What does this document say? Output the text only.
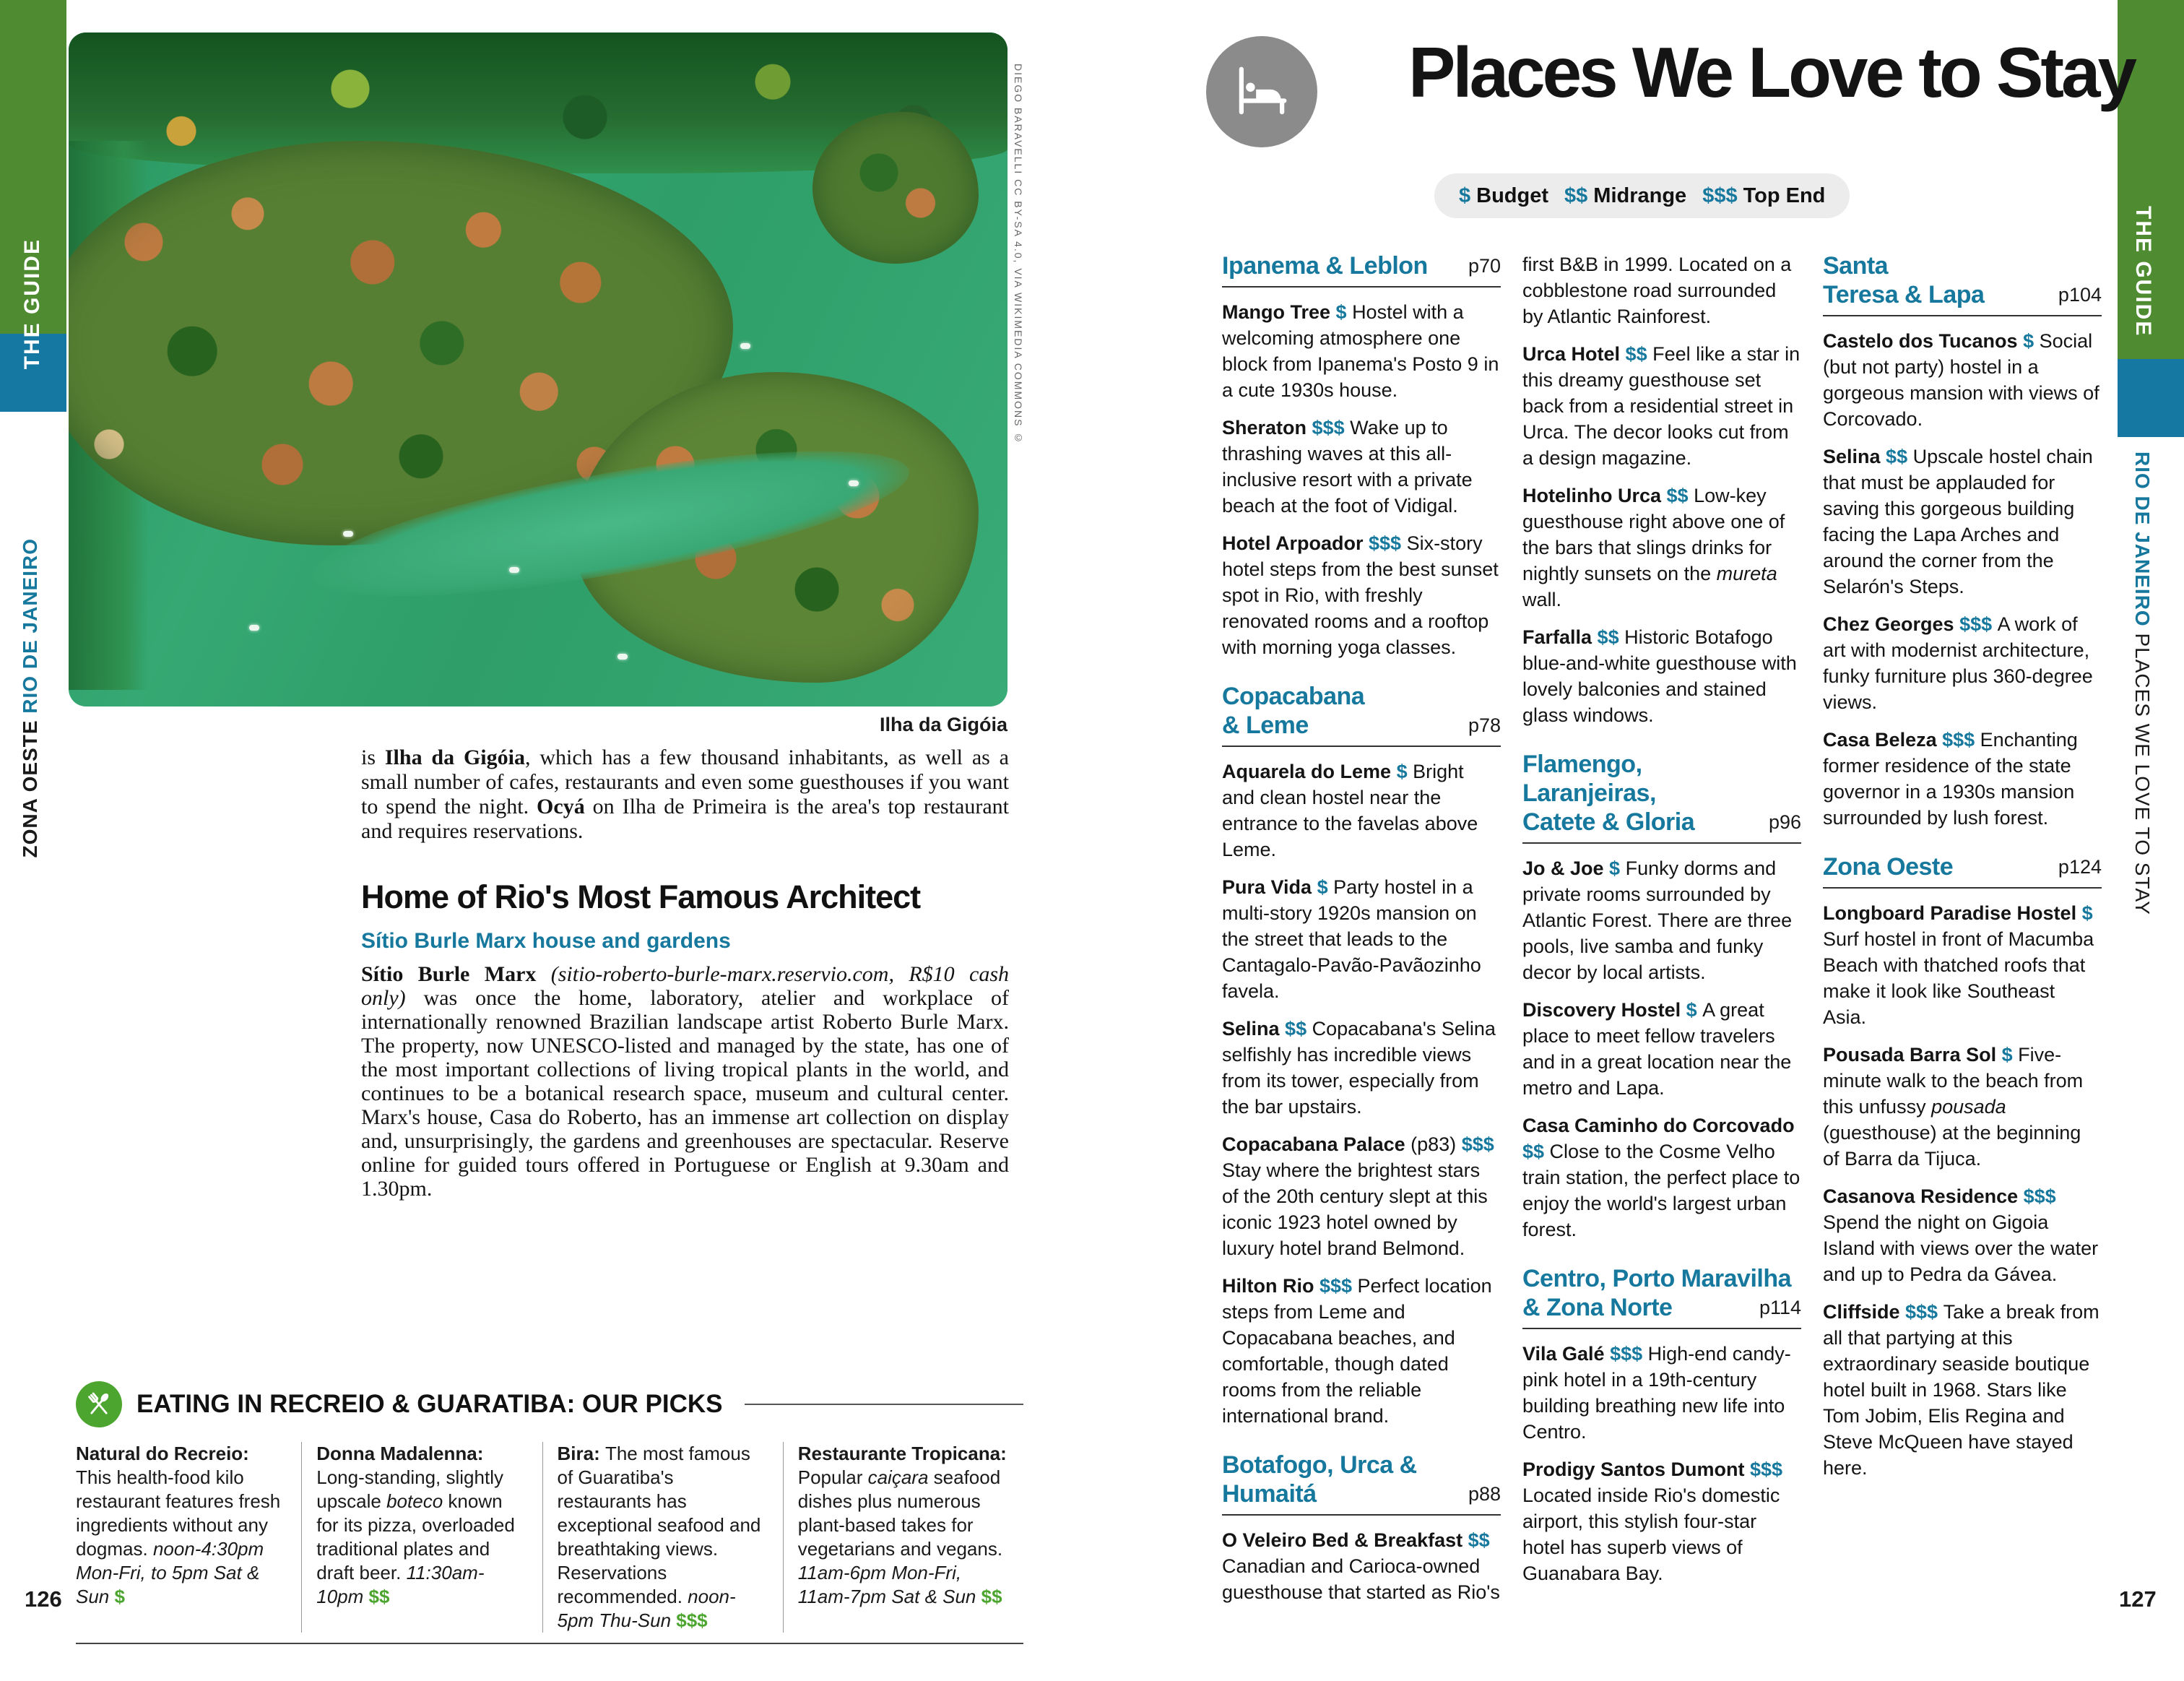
THE GUIDE
ZONA OESTE RIO DE JANEIRO
THE GUIDE
RIO DE JANEIRO PLACES WE LOVE TO STAY
DIEGO BARAVELLI CC BY-SA 4.0, VIA WIKIMEDIA COMMONS ©
Ilha da Gigóia

is Ilha da Gigóia, which has a few thousand inhabitants, as well as a small number of cafes, restaurants and even some guesthouses if you want to spend the night. Ocyá on Ilha de Primeira is the area's top restaurant and requires reservations.

Home of Rio's Most Famous Architect
Sítio Burle Marx house and gardens

Sítio Burle Marx (sitio-roberto-burle-marx.reservio.com, R$10 cash only) was once the home, laboratory, atelier and workplace of internationally renowned Brazilian landscape artist Roberto Burle Marx. The property, now UNESCO-listed and managed by the state, has one of the most important collections of living tropical plants in the world, and continues to be a botanical research space, museum and cultural center. Marx's house, Casa do Roberto, has an immense art collection on display and, unsurprisingly, the gardens and greenhouses are spectacular. Reserve online for guided tours offered in Portuguese or English at 9.30am and 1.30pm.

EATING IN RECREIO & GUARATIBA: OUR PICKS
Natural do Recreio: This health-food kilo restaurant features fresh ingredients without any dogmas. noon-4:30pm Mon-Fri, to 5pm Sat & Sun $
Donna Madalenna: Long-standing, slightly upscale boteco known for its pizza, overloaded traditional plates and draft beer. 11:30am-10pm $$
Bira: The most famous of Guaratiba's restaurants has exceptional seafood and breathtaking views. Reservations recommended. noon-5pm Thu-Sun $$$
Restaurante Tropicana: Popular caiçara seafood dishes plus numerous plant-based takes for vegetarians and vegans. 11am-6pm Mon-Fri, 11am-7pm Sat & Sun $$
126	127
Places We Love to Stay
$ Budget $$ Midrange $$$ Top End
Ipanema & Leblon	p70

Mango Tree $ Hostel with a welcoming atmosphere one block from Ipanema's Posto 9 in a cute 1930s house.

Sheraton $$$ Wake up to thrashing waves at this all-inclusive resort with a private beach at the foot of Vidigal.

Hotel Arpoador $$$ Six-story hotel steps from the best sunset spot in Rio, with freshly renovated rooms and a rooftop with morning yoga classes.

Copacabana
& Leme	p78

Aquarela do Leme $ Bright and clean hostel near the entrance to the favelas above Leme.

Pura Vida $ Party hostel in a multi-story 1920s mansion on the street that leads to the Cantagalo-Pavão-Pavãozinho favela.

Selina $$ Copacabana's Selina selfishly has incredible views from its tower, especially from the bar upstairs.

Copacabana Palace (p83) $$$ Stay where the brightest stars of the 20th century slept at this iconic 1923 hotel owned by luxury hotel brand Belmond.

Hilton Rio $$$ Perfect location steps from Leme and Copacabana beaches, and comfortable, though dated rooms from the reliable international brand.

Botafogo, Urca &
Humaitá	p88

O Veleiro Bed & Breakfast $$ Canadian and Carioca-owned guesthouse that started as Rio's

first B&B in 1999. Located on a cobblestone road surrounded by Atlantic Rainforest.

Urca Hotel $$ Feel like a star in this dreamy guesthouse set back from a residential street in Urca. The decor looks cut from a design magazine.

Hotelinho Urca $$ Low-key guesthouse right above one of the bars that slings drinks for nightly sunsets on the mureta wall.

Farfalla $$ Historic Botafogo blue-and-white guesthouse with lovely balconies and stained glass windows.

Flamengo,
Laranjeiras,
Catete & Gloria	p96

Jo & Joe $ Funky dorms and private rooms surrounded by Atlantic Forest. There are three pools, live samba and funky decor by local artists.

Discovery Hostel $ A great place to meet fellow travelers and in a great location near the metro and Lapa.

Casa Caminho do Corcovado $$ Close to the Cosme Velho train station, the perfect place to enjoy the world's largest urban forest.

Centro, Porto Maravilha
& Zona Norte	p114

Vila Galé $$$ High-end candy-pink hotel in a 19th-century building breathing new life into Centro.

Prodigy Santos Dumont $$$ Located inside Rio's domestic airport, this stylish four-star hotel has superb views of Guanabara Bay.

Santa
Teresa & Lapa	p104

Castelo dos Tucanos $ Social (but not party) hostel in a gorgeous mansion with views of Corcovado.

Selina $$ Upscale hostel chain that must be applauded for saving this gorgeous building facing the Lapa Arches and around the corner from the Selarón's Steps.

Chez Georges $$$ A work of art with modernist architecture, funky furniture plus 360-degree views.

Casa Beleza $$$ Enchanting former residence of the state governor in a 1930s mansion surrounded by lush forest.

Zona Oeste	p124

Longboard Paradise Hostel $ Surf hostel in front of Macumba Beach with thatched roofs that make it look like Southeast Asia.

Pousada Barra Sol $ Five-minute walk to the beach from this unfussy pousada (guesthouse) at the beginning of Barra da Tijuca.

Casanova Residence $$$ Spend the night on Gigoia Island with views over the water and up to Pedra da Gávea.

Cliffside $$$ Take a break from all that partying at this extraordinary seaside boutique hotel built in 1968. Stars like Tom Jobim, Elis Regina and Steve McQueen have stayed here.
